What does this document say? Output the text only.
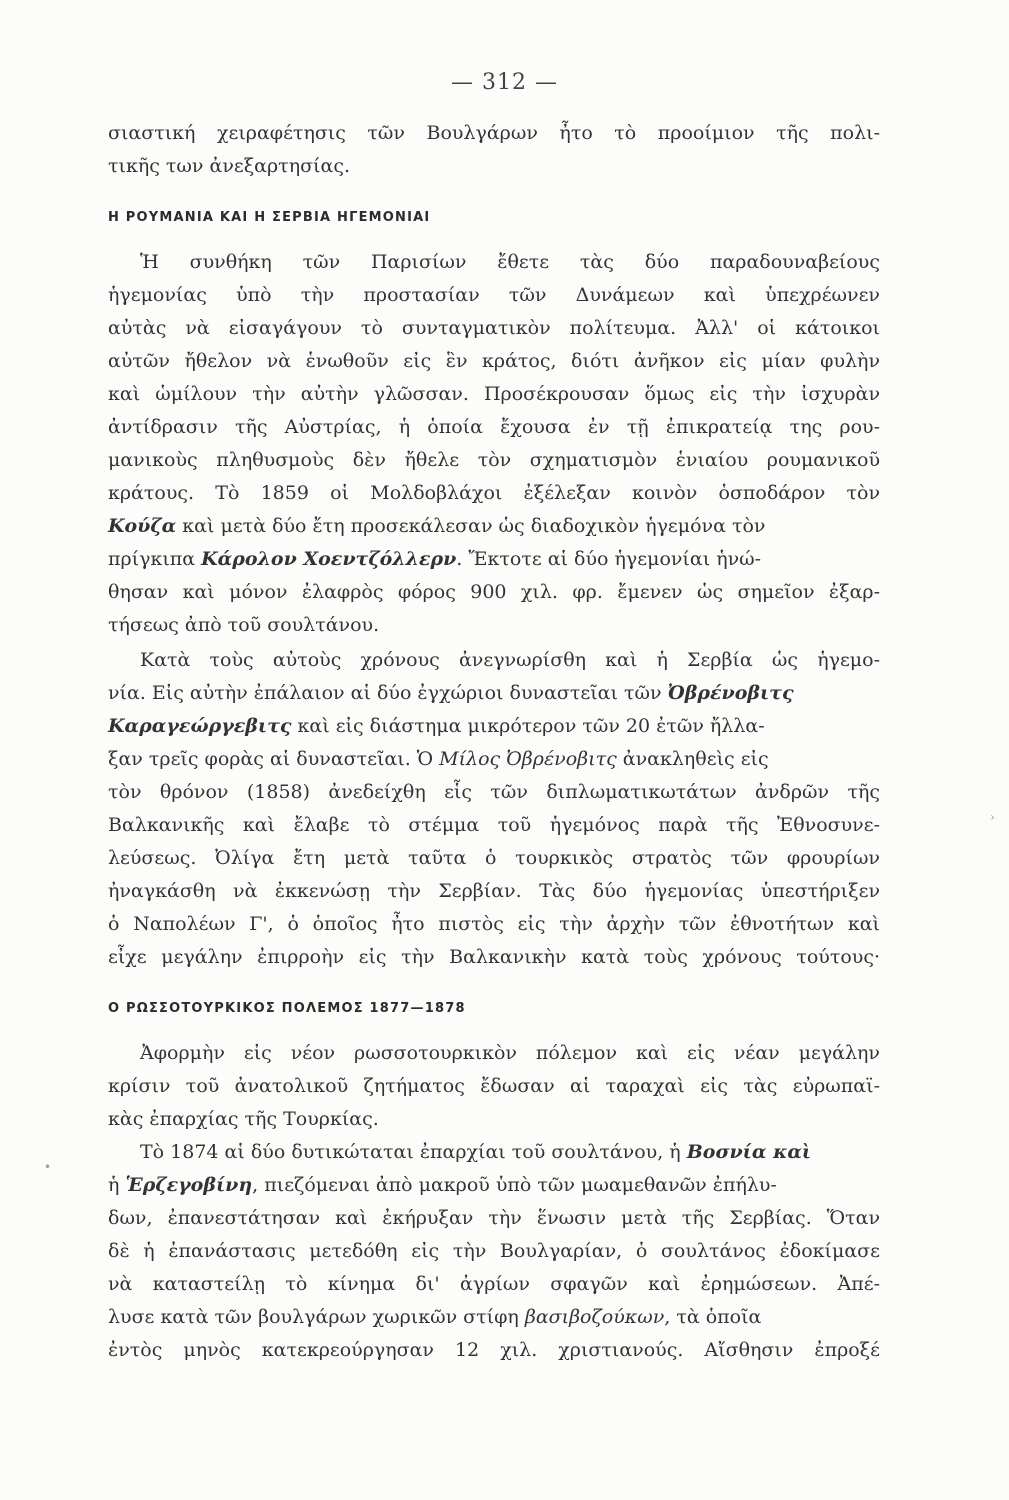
— 312 —
σιαστική χειραφέτησις τῶν Βουλγάρων ἦτο τὸ προοίμιον τῆς πολι-
τικῆς των ἀνεξαρτησίας.
Η ΡΟΥΜΑΝΙΑ ΚΑΙ Η ΣΕΡΒΙΑ ΗΓΕΜΟΝΙΑΙ
Ἡ συνθήκη τῶν Παρισίων ἔθετε τὰς δύο παραδουναβείους
ἡγεμονίας ὑπὸ τὴν προστασίαν τῶν Δυνάμεων καὶ ὑπεχρέωνεν
αὐτὰς νὰ εἰσαγάγουν τὸ συνταγματικὸν πολίτευμα. Ἀλλ' οἱ κάτοικοι
αὐτῶν ἤθελον νὰ ἑνωθοῦν εἰς ἓν κράτος, διότι ἀνῆκον εἰς μίαν φυλὴν
καὶ ὡμίλουν τὴν αὐτὴν γλῶσσαν. Προσέκρουσαν ὅμως εἰς τὴν ἰσχυρὰν
ἀντίδρασιν τῆς Αὐστρίας, ἡ ὁποία ἔχουσα ἐν τῇ ἐπικρατείᾳ της ρου-
μανικοὺς πληθυσμοὺς δὲν ἤθελε τὸν σχηματισμὸν ἑνιαίου ρουμανικοῦ
κράτους. Τὸ 1859 οἱ Μολδοβλάχοι ἐξέλεξαν κοινὸν ὁσποδάρον τὸν
Κούζα καὶ μετὰ δύο ἔτη προσεκάλεσαν ὡς διαδοχικὸν ἡγεμόνα τὸν
πρίγκιπα Κάρολον Χοεντζόλλερν. Ἔκτοτε αἱ δύο ἡγεμονίαι ἡνώ-
θησαν καὶ μόνον ἐλαφρὸς φόρος 900 χιλ. φρ. ἔμενεν ὡς σημεῖον ἐξαρ-
τήσεως ἀπὸ τοῦ σουλτάνου.
Κατὰ τοὺς αὐτοὺς χρόνους ἀνεγνωρίσθη καὶ ἡ Σερβία ὡς ἡγεμο-
νία. Εἰς αὐτὴν ἐπάλαιον αἱ δύο ἐγχώριοι δυναστεῖαι τῶν Ὀβρένοβιτς
Καραγεώργεβιτς καὶ εἰς διάστημα μικρότερον τῶν 20 ἐτῶν ἤλλα-
ξαν τρεῖς φορὰς αἱ δυναστεῖαι. Ὁ Μίλος Ὀβρένοβιτς ἀνακληθεὶς εἰς
τὸν θρόνον (1858) ἀνεδείχθη εἷς τῶν διπλωματικωτάτων ἀνδρῶν τῆς
Βαλκανικῆς καὶ ἔλαβε τὸ στέμμα τοῦ ἡγεμόνος παρὰ τῆς Ἐθνοσυνε-
λεύσεως. Ὀλίγα ἔτη μετὰ ταῦτα ὁ τουρκικὸς στρατὸς τῶν φρουρίων
ἠναγκάσθη νὰ ἐκκενώσῃ τὴν Σερβίαν. Τὰς δύο ἡγεμονίας ὑπεστήριξεν
ὁ Ναπολέων Γ', ὁ ὁποῖος ἦτο πιστὸς εἰς τὴν ἀρχὴν τῶν ἐθνοτήτων καὶ
εἶχε μεγάλην ἐπιρροὴν εἰς τὴν Βαλκανικὴν κατὰ τοὺς χρόνους τούτους·
Ο ΡΩΣΣΟΤΟΥΡΚΙΚΟΣ ΠΟΛΕΜΟΣ 1877—1878
Ἀφορμὴν εἰς νέον ρωσσοτουρκικὸν πόλεμον καὶ εἰς νέαν μεγάλην
κρίσιν τοῦ ἀνατολικοῦ ζητήματος ἔδωσαν αἱ ταραχαὶ εἰς τὰς εὐρωπαϊ-
κὰς ἐπαρχίας τῆς Τουρκίας.
Τὸ 1874 αἱ δύο δυτικώταται ἐπαρχίαι τοῦ σουλτάνου, ἡ Βοσνία καὶ
ἡ Ἑρζεγοβίνη, πιεζόμεναι ἀπὸ μακροῦ ὑπὸ τῶν μωαμεθανῶν ἐπήλυ-
δων, ἐπανεστάτησαν καὶ ἐκήρυξαν τὴν ἕνωσιν μετὰ τῆς Σερβίας. Ὅταν
δὲ ἡ ἐπανάστασις μετεδόθη εἰς τὴν Βουλγαρίαν, ὁ σουλτάνος ἐδοκίμασε
νὰ καταστείλῃ τὸ κίνημα δι' ἀγρίων σφαγῶν καὶ ἐρημώσεων. Ἀπέ-
λυσε κατὰ τῶν βουλγάρων χωρικῶν στίφη βασιβοζούκων, τὰ ὁποῖα
ἐντὸς μηνὸς κατεκρεούργησαν 12 χιλ. χριστιανούς. Αἴσθησιν ἐπροξέ
•
›
